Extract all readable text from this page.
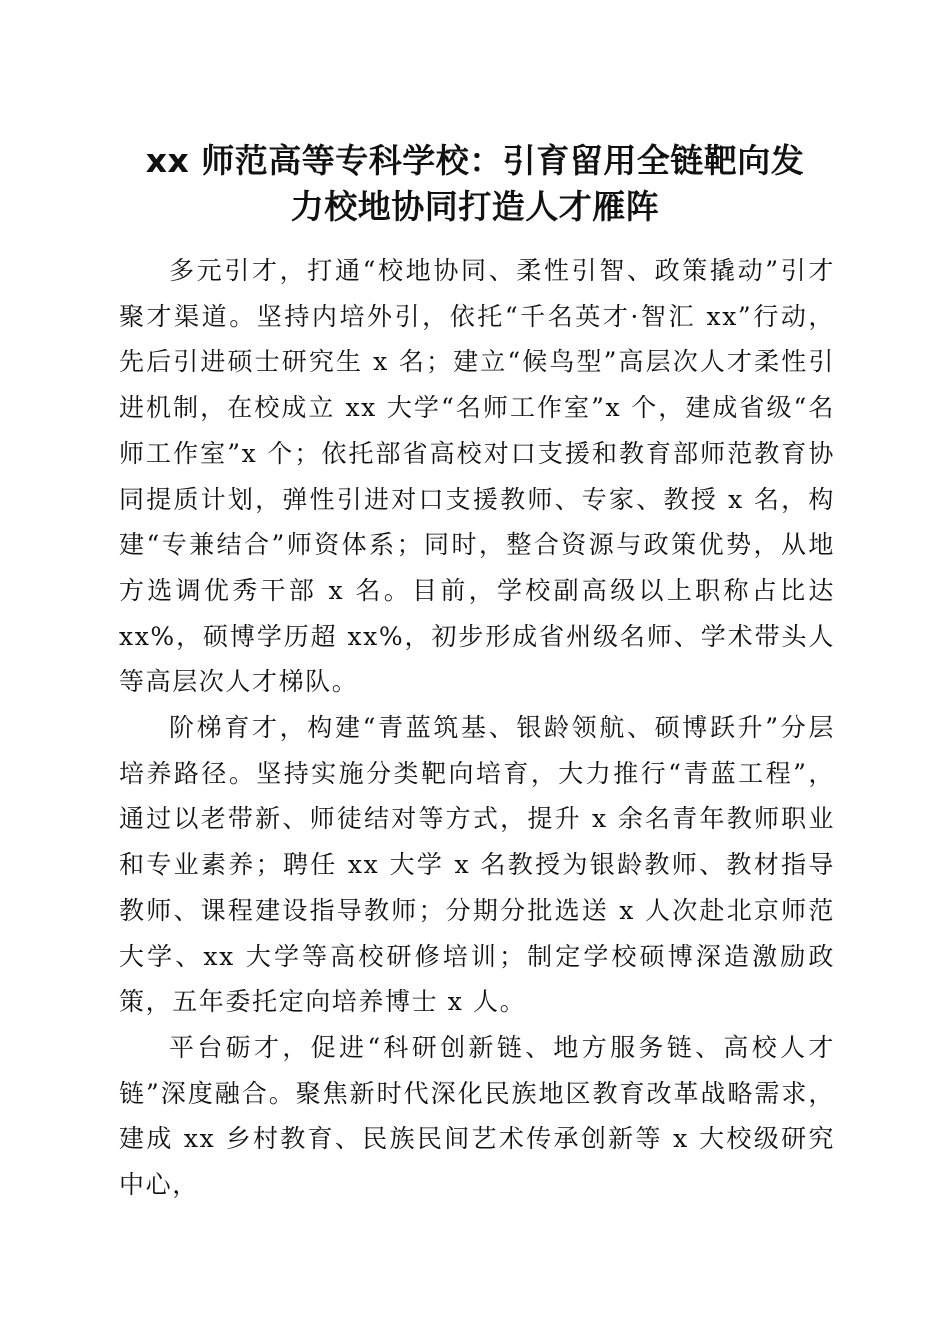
xx 师范高等专科学校：引育留用全链靶向发
力校地协同打造人才雁阵

多元引才，打通“校地协同、柔性引智、政策撬动”引才聚才渠道。坚持内培外引，依托“千名英才·智汇 xx”行动，先后引进硕士研究生 x 名；建立“候鸟型”高层次人才柔性引进机制，在校成立 xx 大学“名师工作室”x 个，建成省级“名师工作室”x 个；依托部省高校对口支援和教育部师范教育协同提质计划，弹性引进对口支援教师、专家、教授 x 名，构建“专兼结合”师资体系；同时，整合资源与政策优势，从地方选调优秀干部 x 名。目前，学校副高级以上职称占比达 xx%，硕博学历超 xx%，初步形成省州级名师、学术带头人等高层次人才梯队。

阶梯育才，构建“青蓝筑基、银龄领航、硕博跃升”分层培养路径。坚持实施分类靶向培育，大力推行“青蓝工程”，通过以老带新、师徒结对等方式，提升 x 余名青年教师职业和专业素养；聘任 xx 大学 x 名教授为银龄教师、教材指导教师、课程建设指导教师；分期分批选送 x 人次赴北京师范大学、xx 大学等高校研修培训；制定学校硕博深造激励政策，五年委托定向培养博士 x 人。

平台砺才，促进“科研创新链、地方服务链、高校人才链”深度融合。聚焦新时代深化民族地区教育改革战略需求，建成 xx 乡村教育、民族民间艺术传承创新等 x 大校级研究中心，
